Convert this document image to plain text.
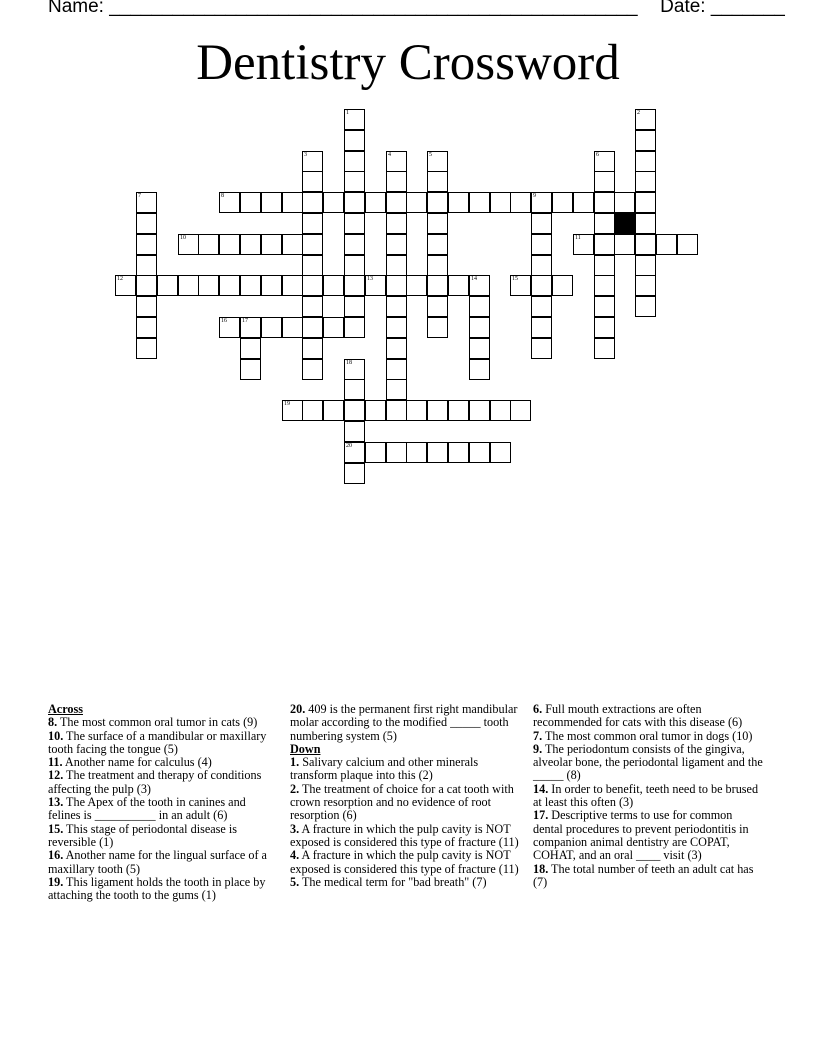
Name: __________________________________________________ Date: _______
Dentistry Crossword
1	2
3	4	5	6
7	8	9
10	11
12	13	14	15
16	17
18
19
20
Across
8. The most common oral tumor in cats (9)
10. The surface of a mandibular or maxillary tooth facing the tongue (5)
11. Another name for calculus (4)
12. The treatment and therapy of conditions affecting the pulp (3)
13. The Apex of the tooth in canines and felines is __________ in an adult (6)
15. This stage of periodontal disease is reversible (1)
16. Another name for the lingual surface of a maxillary tooth (5)
19. This ligament holds the tooth in place by attaching the tooth to the gums (1)
20. 409 is the permanent first right mandibular molar according to the modified _____ tooth numbering system (5)
Down
1. Salivary calcium and other minerals transform plaque into this (2)
2. The treatment of choice for a cat tooth with crown resorption and no evidence of root resorption (6)
3. A fracture in which the pulp cavity is NOT exposed is considered this type of fracture (11)
4. A fracture in which the pulp cavity is NOT exposed is considered this type of fracture (11)
5. The medical term for "bad breath" (7)
6. Full mouth extractions are often recommended for cats with this disease (6)
7. The most common oral tumor in dogs (10)
9. The periodontum consists of the gingiva, alveolar bone, the periodontal ligament and the _____ (8)
14. In order to benefit, teeth need to be brused at least this often (3)
17. Descriptive terms to use for common dental procedures to prevent periodontitis in companion animal dentistry are COPAT, COHAT, and an oral ____ visit (3)
18. The total number of teeth an adult cat has (7)
